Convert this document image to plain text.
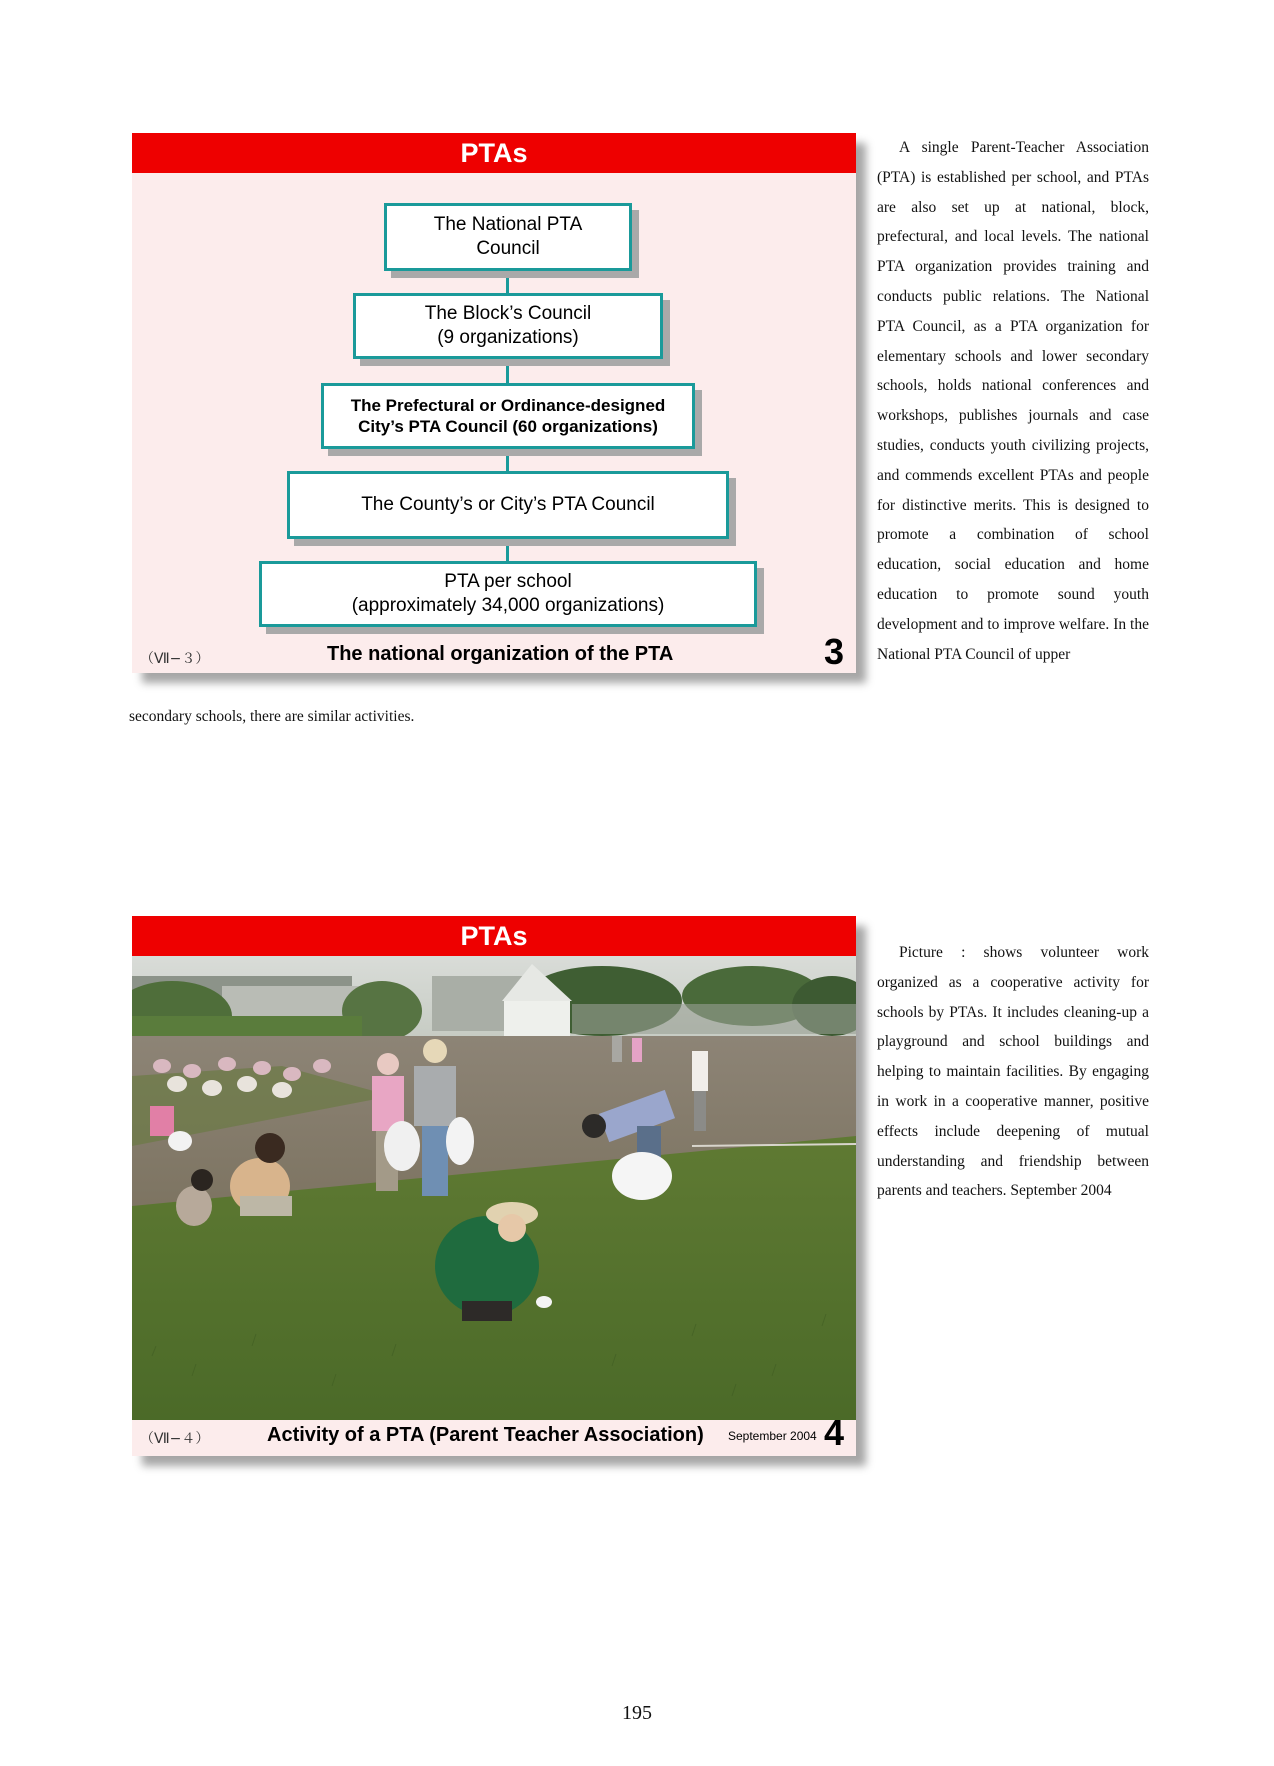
PTAs
The National PTA
Council
The Block’s Council
(9 organizations)
The Prefectural or Ordinance-designed
City’s PTA Council (60 organizations)
The County’s or City’s PTA Council
PTA per school
(approximately 34,000 organizations)
（Ⅶ−３）	The national organization of the PTA	3
A single Parent-Teacher Association (PTA) is established per school, and PTAs are also set up at national, block, prefectural, and local levels. The national PTA organization provides training and conducts public relations. The National PTA Council, as a PTA organization for elementary schools and lower secondary schools, holds national conferences and workshops, publishes journals and case studies, conducts youth civilizing projects, and commends excellent PTAs and people for distinctive merits. This is designed to promote a combination of school education, social education and home education to promote sound youth development and to improve welfare. In the National PTA Council of upper
secondary schools, there are similar activities.
PTAs
（Ⅶ−４）	Activity of a PTA (Parent Teacher Association) September 2004 4
Picture : shows volunteer work organized as a cooperative activity for schools by PTAs. It includes cleaning-up a playground and school buildings and helping to maintain facilities. By engaging in work in a cooperative manner, positive effects include deepening of mutual understanding and friendship between parents and teachers. September 2004
195
